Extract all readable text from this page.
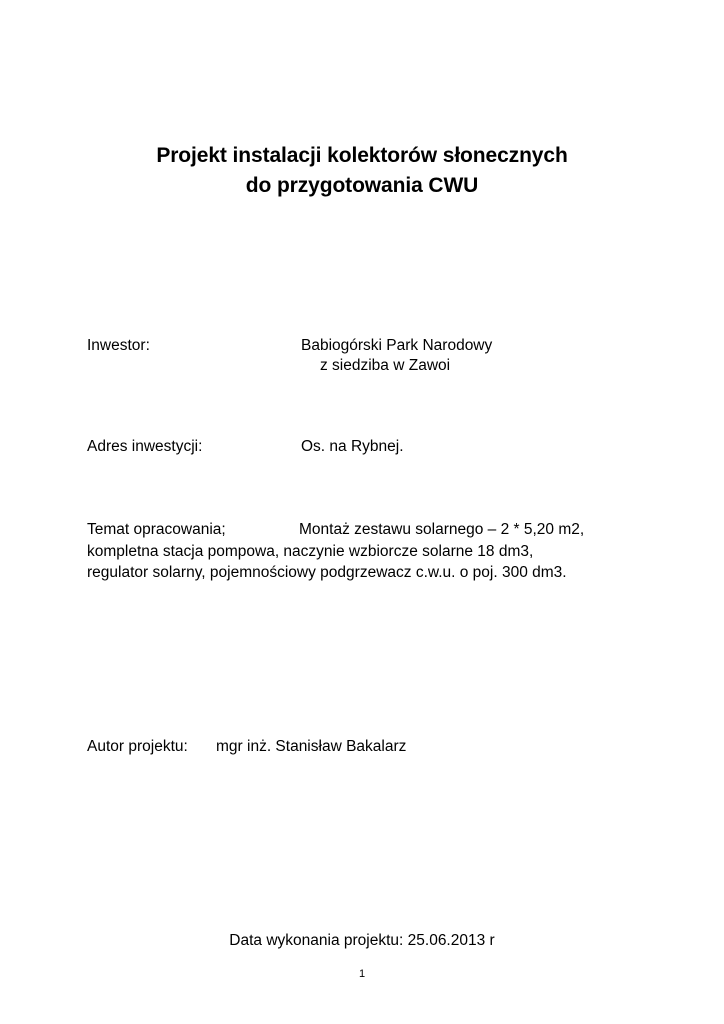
Projekt instalacji kolektorów słonecznych
do przygotowania CWU
Inwestor:	Babiogórski Park Narodowy
z siedziba w Zawoi
Adres inwestycji:	Os. na Rybnej.
Temat opracowania;	Montaż zestawu solarnego – 2 * 5,20 m2,
kompletna stacja pompowa, naczynie wzbiorcze solarne 18 dm3,
regulator solarny, pojemnościowy podgrzewacz c.w.u. o poj. 300 dm3.
Autor projektu: mgr inż. Stanisław Bakalarz
Data wykonania projektu: 25.06.2013 r
1
